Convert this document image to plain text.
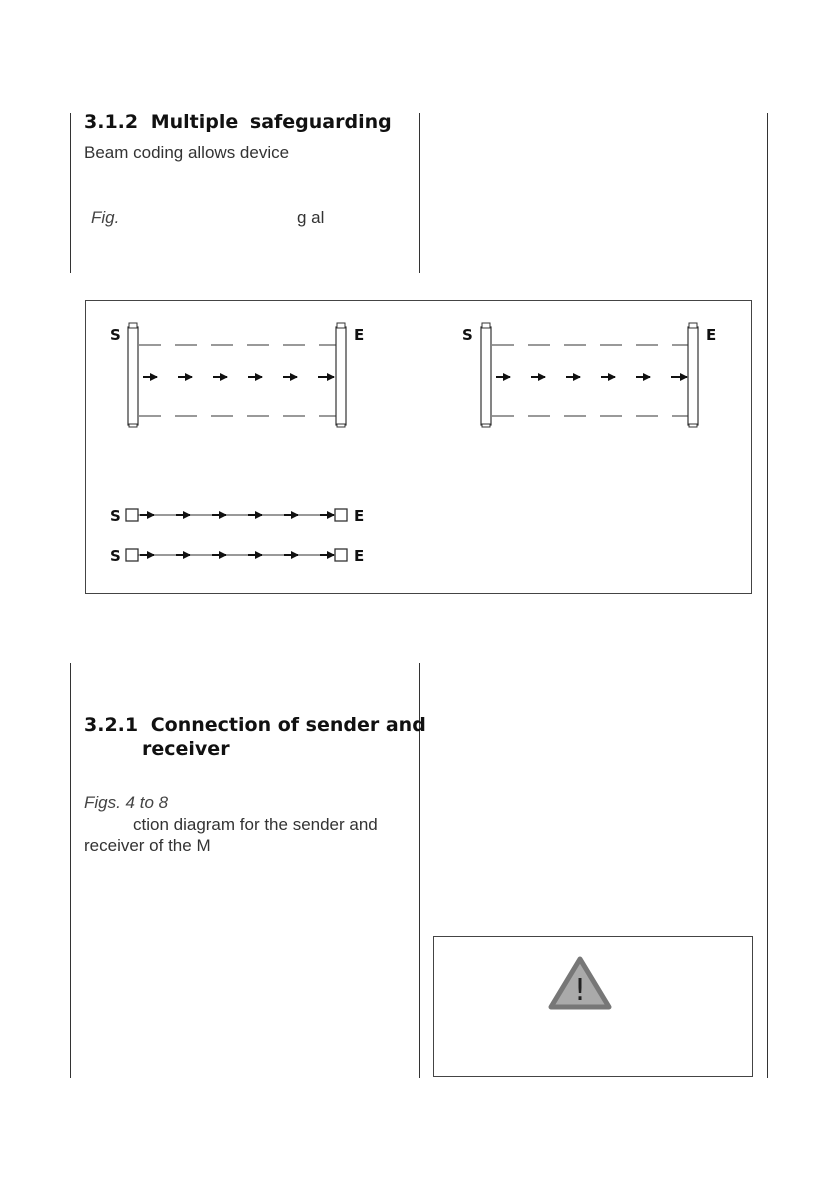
3.1.2 Multiple safeguarding

Beam coding allows device

Fig.	g al

S	E	S	E
S	E
S	E
3.2.1 Connection of sender and
receiver

Figs. 4 to 8

ction diagram for the sender and

receiver of the M

!
